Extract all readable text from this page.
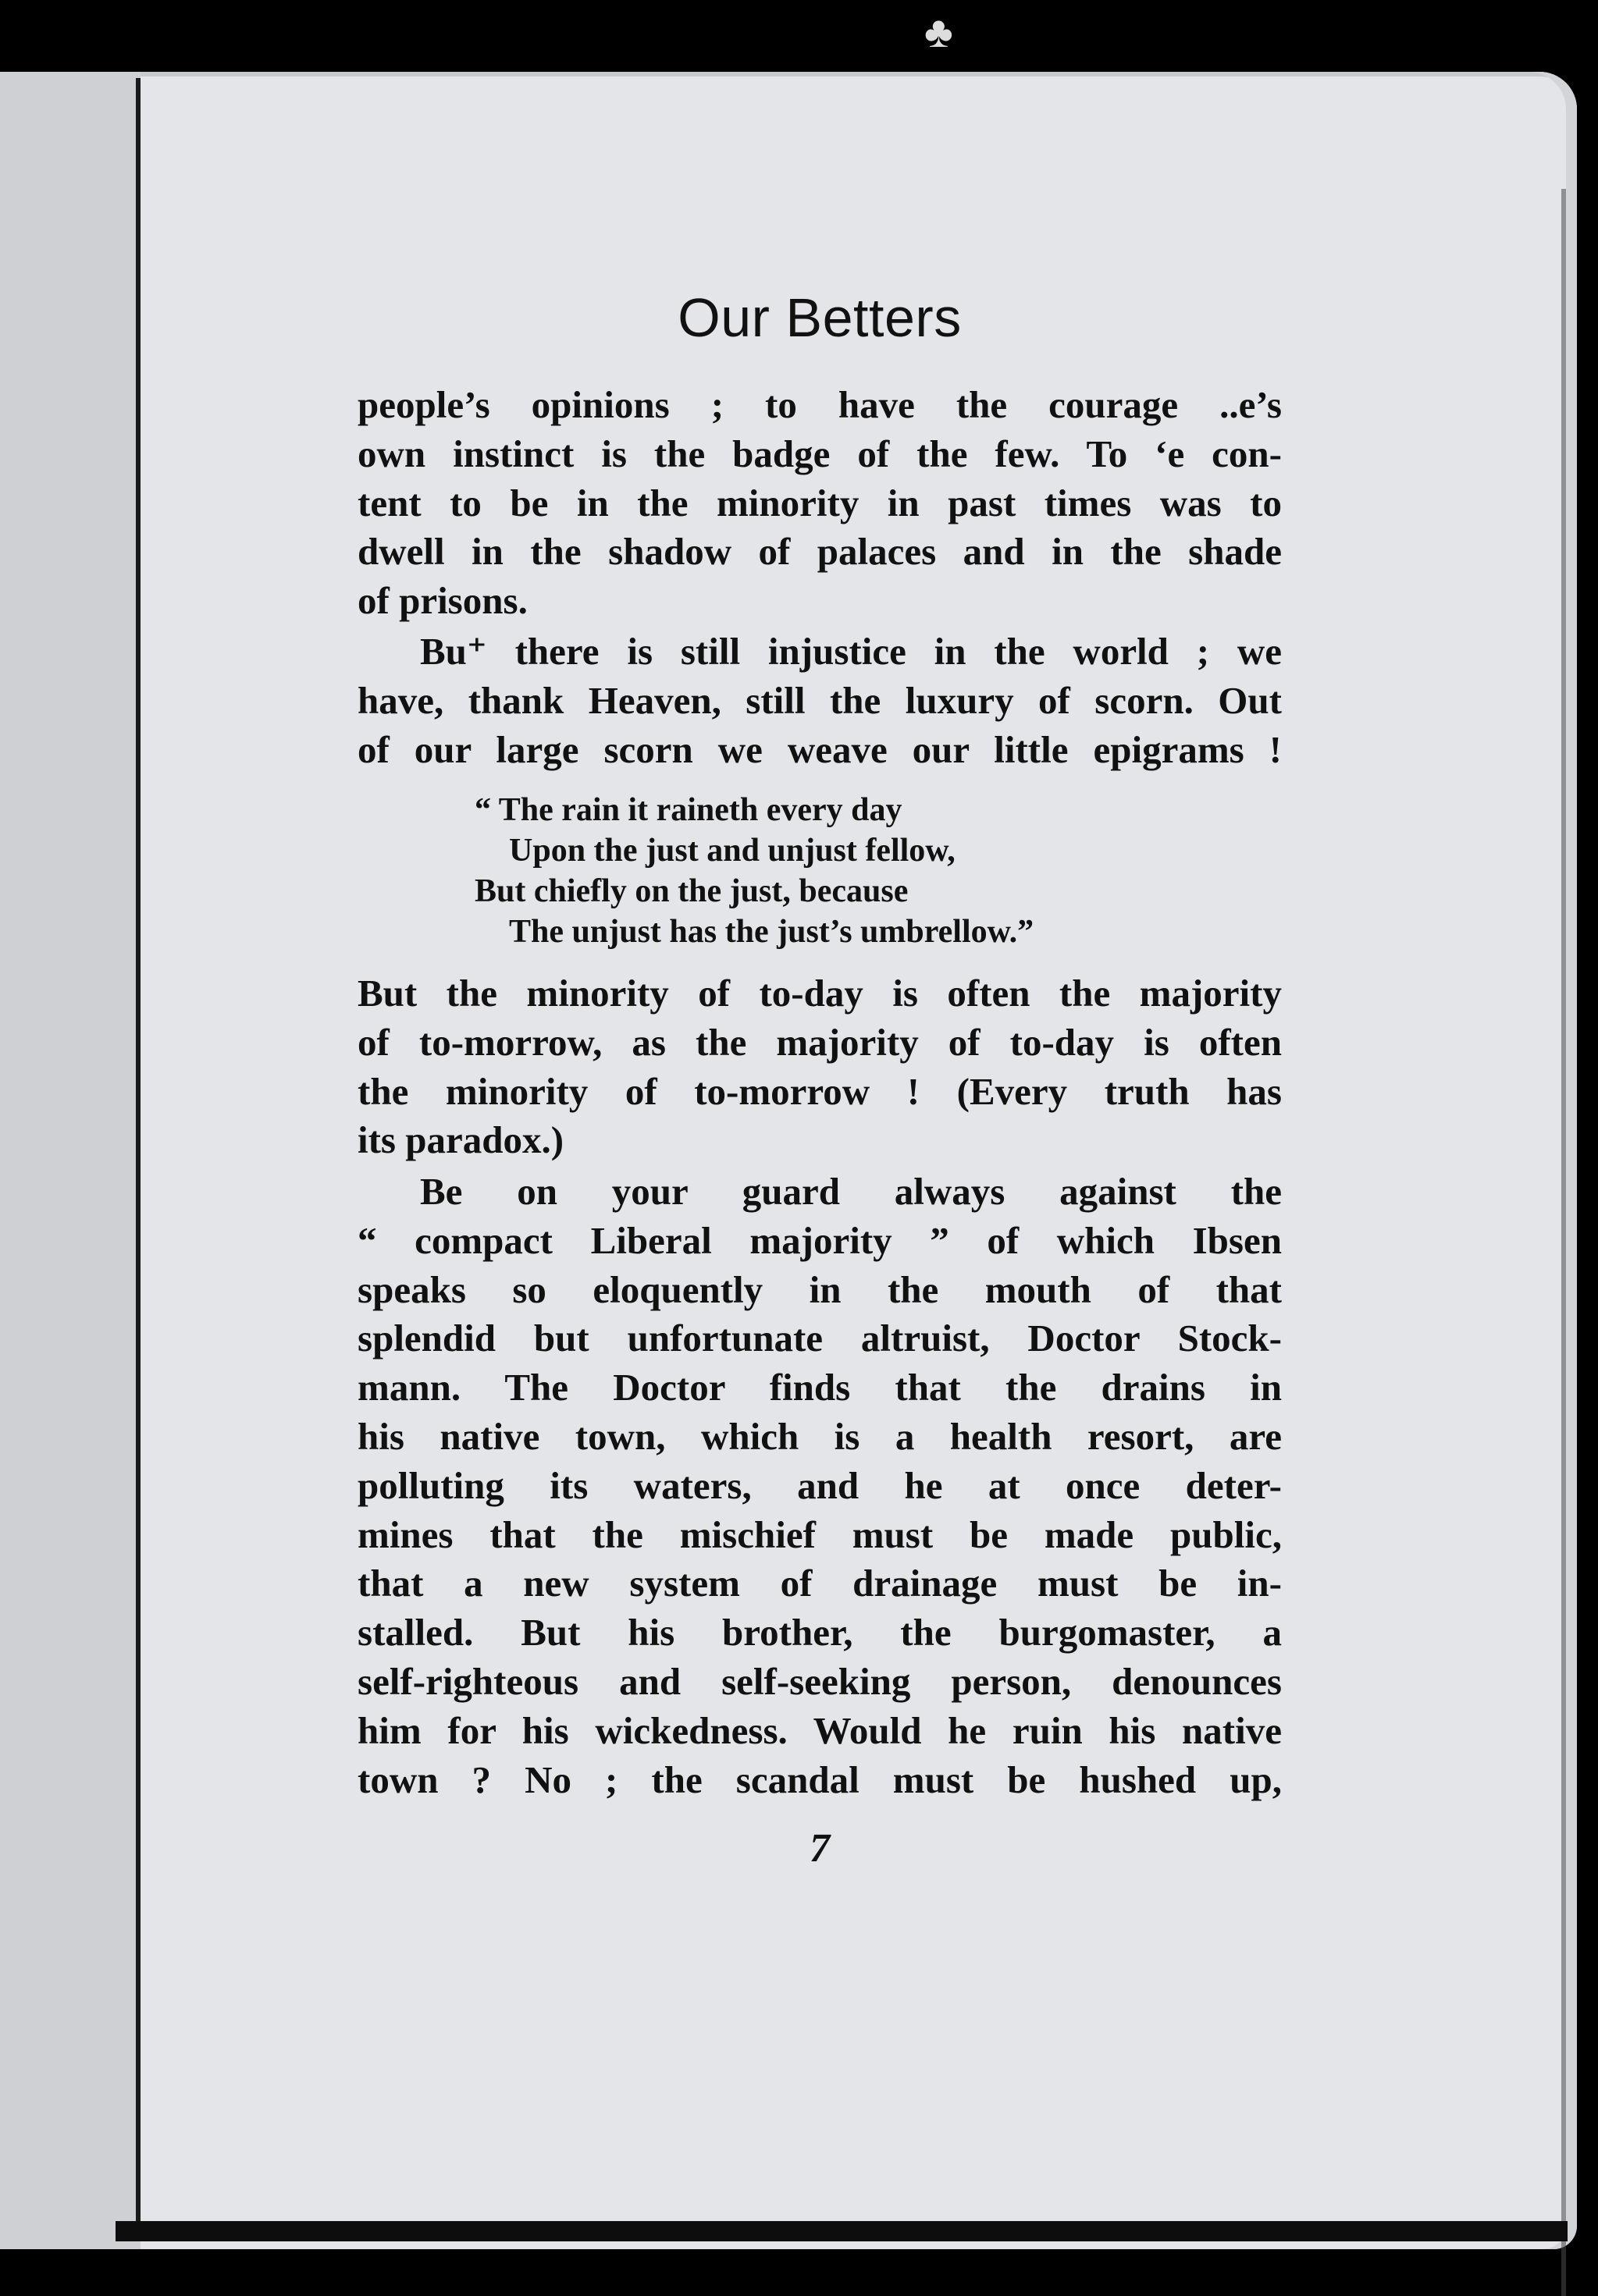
♣
Our Betters

people’s opinions ; to have the courage ..e’s
own instinct is the badge of the few. To ‘e con-
tent to be in the minority in past times was to
dwell in the shadow of palaces and in the shade
of prisons.

Bu⁺ there is still injustice in the world ; we
have, thank Heaven, still the luxury of scorn. Out
of our large scorn we weave our little epigrams !

“ The rain it raineth every day
Upon the just and unjust fellow,
But chiefly on the just, because
The unjust has the just’s umbrellow.”

But the minority of to-day is often the majority
of to-morrow, as the majority of to-day is often
the minority of to-morrow ! (Every truth has
its paradox.)

Be on your guard always against the
“ compact Liberal majority ” of which Ibsen
speaks so eloquently in the mouth of that
splendid but unfortunate altruist, Doctor Stock-
mann. The Doctor finds that the drains in
his native town, which is a health resort, are
polluting its waters, and he at once deter-
mines that the mischief must be made public,
that a new system of drainage must be in-
stalled. But his brother, the burgomaster, a
self-righteous and self-seeking person, denounces
him for his wickedness. Would he ruin his native
town ? No ; the scandal must be hushed up,

7
